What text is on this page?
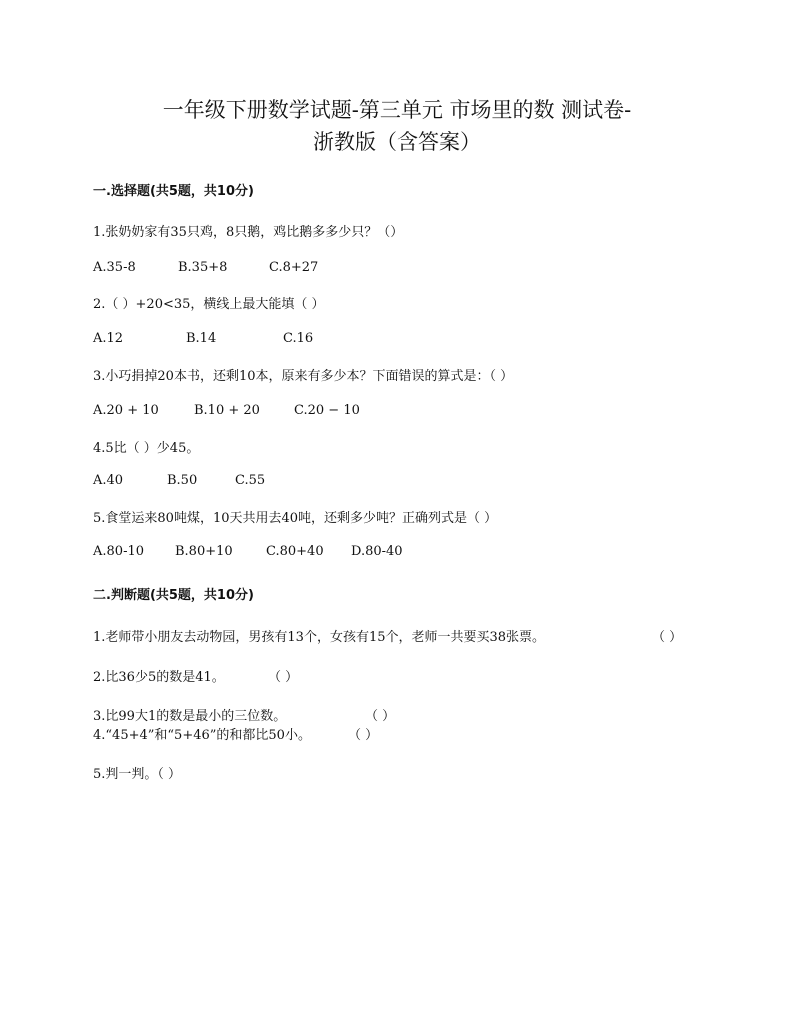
一年级下册数学试题-第三单元 市场里的数 测试卷-
浙教版（含答案）
一.选择题(共5题，共10分)
1.张奶奶家有35只鸡，8只鹅，鸡比鹅多多少只？（）
A.35-8	B.35+8	C.8+27
2.（ ）+20<35，横线上最大能填（ ）
A.12	B.14	C.16
3.小巧捐掉20本书，还剩10本，原来有多少本？下面错误的算式是：（ ）
A.20 + 10	B.10 + 20	C.20 − 10
4.5比（ ）少45。
A.40	B.50	C.55
5.食堂运来80吨煤，10天共用去40吨，还剩多少吨？正确列式是（ ）
A.80-10 B.80+10	C.80+40 D.80-40
二.判断题(共5题，共10分)
1.老师带小朋友去动物园，男孩有13个，女孩有15个，老师一共要买38张票。	（ ）
2.比36少5的数是41。	（ ）
3.比99大1的数是最小的三位数。	（ ）
4.“45+4”和“5+46”的和都比50小。	（ ）
5.判一判。（ ）
